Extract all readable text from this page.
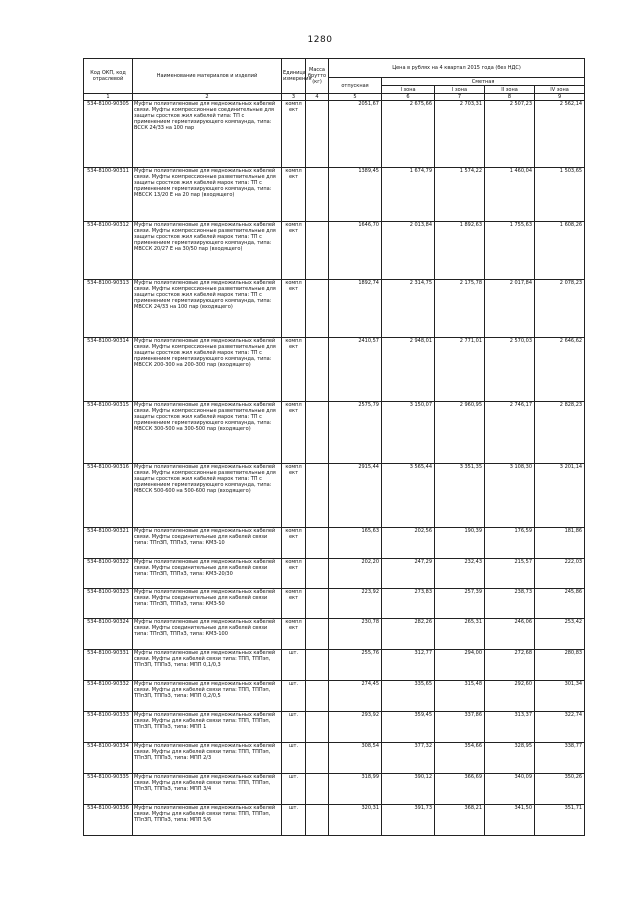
1280
Код ОКП, код отраслевой	Наименование материалов и изделий	Единица измерения	Масса брутто (кг)	Цена в рублях на 4 квартал 2015 года (без НДС)				
				отпускная	Сметная			
					I зона	I зона	II зона	IV зона
1	2	3	4	5	6	7	8	9
534-8100-90305	Муфты полиэтиленовые для медножильных кабелей связи. Муфты компрессионные соединительные для защиты сростков жил кабелей типа: ТП с применением герметизирующего компаунда, типа: ВССК 24/33 на 100 пар	компл ект		2051,67	2 675,66	2 703,31	2 507,23	2 562,14
534-8100-90311	Муфты полиэтиленовые для медножильных кабелей связи. Муфты компрессионные разветвительные для защиты сростков жил кабелей марок типа: ТП с применением герметизирующего компаунда, типа: МВССК 13/20 Е на 20 пар (входящего)	компл ект		1389,45	1 674,79	1 574,22	1 460,04	1 503,65
534-8100-90312	Муфты полиэтиленовые для медножильных кабелей связи. Муфты компрессионные разветвительные для защиты сростков жил кабелей марок типа: ТП с применением герметизирующего компаунда, типа: МВССК 20/27 Е на 30/50 пар (входящего)	компл ект		1646,70	2 013,84	1 892,63	1 755,63	1 608,26
534-8100-90313	Муфты полиэтиленовые для медножильных кабелей связи. Муфты компрессионные разветвительные для защиты сростков жил кабелей марок типа: ТП с применением герметизирующего компаунда, типа: МВССК 24/33 на 100 пар (входящего)	компл ект		1892,74	2 314,75	2 175,78	2 017,84	2 078,23
534-8100-90314	Муфты полиэтиленовые для медножильных кабелей связи. Муфты компрессионные разветвительные для защиты сростков жил кабелей марок типа: ТП с применением герметизирующего компаунда, типа: МВССК 200-300 на 200-300 пар (входящего)	компл ект		2410,57	2 948,01	2 771,01	2 570,03	2 646,62
534-8100-90315	Муфты полиэтиленовые для медножильных кабелей связи. Муфты компрессионные разветвительные для защиты сростков жил кабелей марок типа: ТП с применением герметизирующего компаунда, типа: МВССК 300-500 на 300-500 пар (входящего)	компл ект		2575,79	3 150,07	2 960,95	2 746,17	2 828,23
534-8100-90316	Муфты полиэтиленовые для медножильных кабелей связи. Муфты компрессионные разветвительные для защиты сростков жил кабелей марок типа: ТП с применением герметизирующего компаунда, типа: МВССК 500-600 на 500-600 пар (входящего)	компл ект		2915,44	3 565,44	3 351,35	3 108,30	3 201,14
534-8100-90321	Муфты полиэтиленовые для медножильных кабелей связи. Муфты соединительные для кабелей связи типа: ТПпЗП, ТППэЗ, типа: КМЗ-10	компл ект		165,63	202,56	190,39	176,59	181,86
534-8100-90322	Муфты полиэтиленовые для медножильных кабелей связи. Муфты соединительные для кабелей связи типа: ТПпЗП, ТППэЗ, типа: КМЗ-20/30	компл ект		202,20	247,29	232,43	215,57	222,03
534-8100-90323	Муфты полиэтиленовые для медножильных кабелей связи. Муфты соединительные для кабелей связи типа: ТПпЗП, ТППэЗ, типа: КМЗ-50	компл ект		223,92	273,83	257,39	238,73	245,86
534-8100-90324	Муфты полиэтиленовые для медножильных кабелей связи. Муфты соединительные для кабелей связи типа: ТПпЗП, ТППэЗ, типа: КМЗ-100	компл ект		230,78	282,26	265,31	246,06	253,42
534-8100-90331	Муфты полиэтиленовые для медножильных кабелей связи. Муфты для кабелей связи типа: ТПП, ТППэп, ТПпЗП, ТППэЗ, типа: МПП 0,1/0,3	шт.		255,76	312,77	294,00	272,68	280,83
534-8100-90332	Муфты полиэтиленовые для медножильных кабелей связи. Муфты для кабелей связи типа: ТПП, ТППэп, ТПпЗП, ТППэЗ, типа: МПП 0,2/0,5	шт.		274,45	335,65	315,48	292,60	301,34
534-8100-90333	Муфты полиэтиленовые для медножильных кабелей связи. Муфты для кабелей связи типа: ТПП, ТППэп, ТПпЗП, ТППэЗ, типа: МПП 1	шт.		293,92	359,45	337,86	313,37	322,74
534-8100-90334	Муфты полиэтиленовые для медножильных кабелей связи. Муфты для кабелей связи типа: ТПП, ТППэп, ТПпЗП, ТППэЗ, типа: МПП 2/3	шт.		308,54	377,32	354,66	328,95	338,77
534-8100-90335	Муфты полиэтиленовые для медножильных кабелей связи. Муфты для кабелей связи типа: ТПП, ТППэп, ТПпЗП, ТППэЗ, типа: МПП 3/4	шт.		318,99	390,12	366,69	340,09	350,26
534-8100-90336	Муфты полиэтиленовые для медножильных кабелей связи. Муфты для кабелей связи типа: ТПП, ТППэп, ТПпЗП, ТППэЗ, типа: МПП 5/6	шт.		320,31	391,73	368,21	341,50	351,71
